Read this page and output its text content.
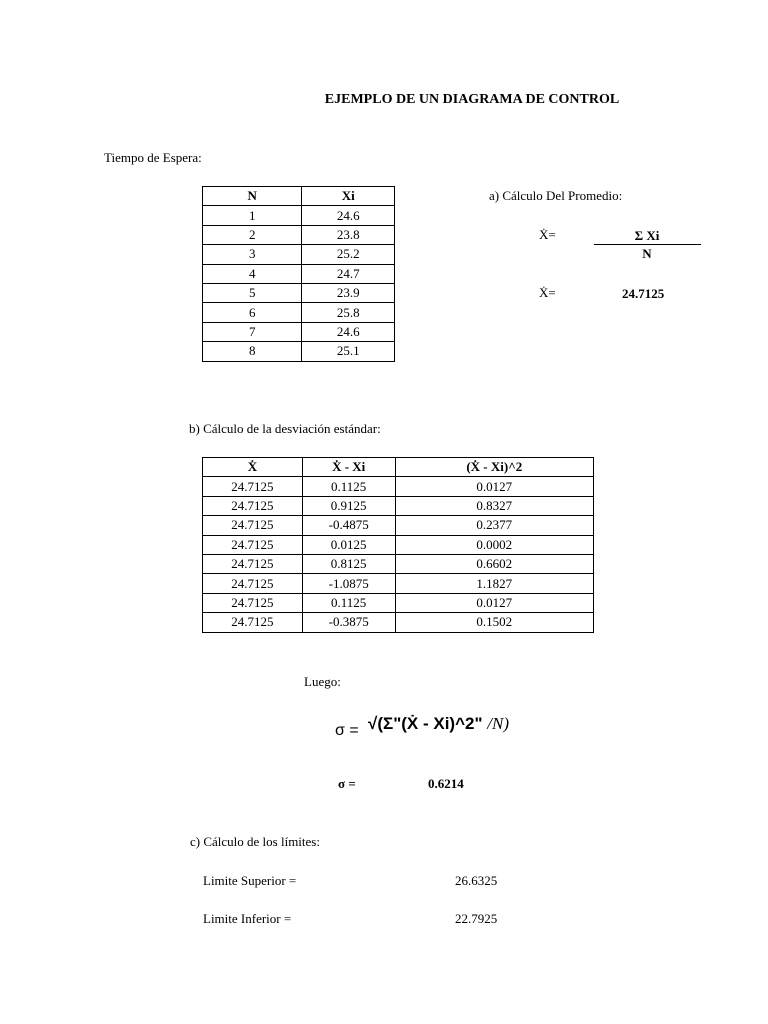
EJEMPLO DE UN DIAGRAMA DE CONTROL
Tiempo de Espera:
N	Xi
1	24.6
2	23.8
3	25.2
4	24.7
5	23.9
6	25.8
7	24.6
8	25.1
a) Cálculo Del Promedio:
Ẋ=	Σ Xi
N
Ẋ=	24.7125
b) Cálculo de la desviación estándar:
Ẋ	Ẋ - Xi	(Ẋ - Xi)^2
24.7125	0.1125	0.0127
24.7125	0.9125	0.8327
24.7125	-0.4875	0.2377
24.7125	0.0125	0.0002
24.7125	0.8125	0.6602
24.7125	-1.0875	1.1827
24.7125	0.1125	0.0127
24.7125	-0.3875	0.1502
Luego:
σ = √(Σ"(Ẋ - Xi)^2" /N)
σ =	0.6214
c) Cálculo de los límites:
Limite Superior =	26.6325
Limite Inferior =	22.7925
